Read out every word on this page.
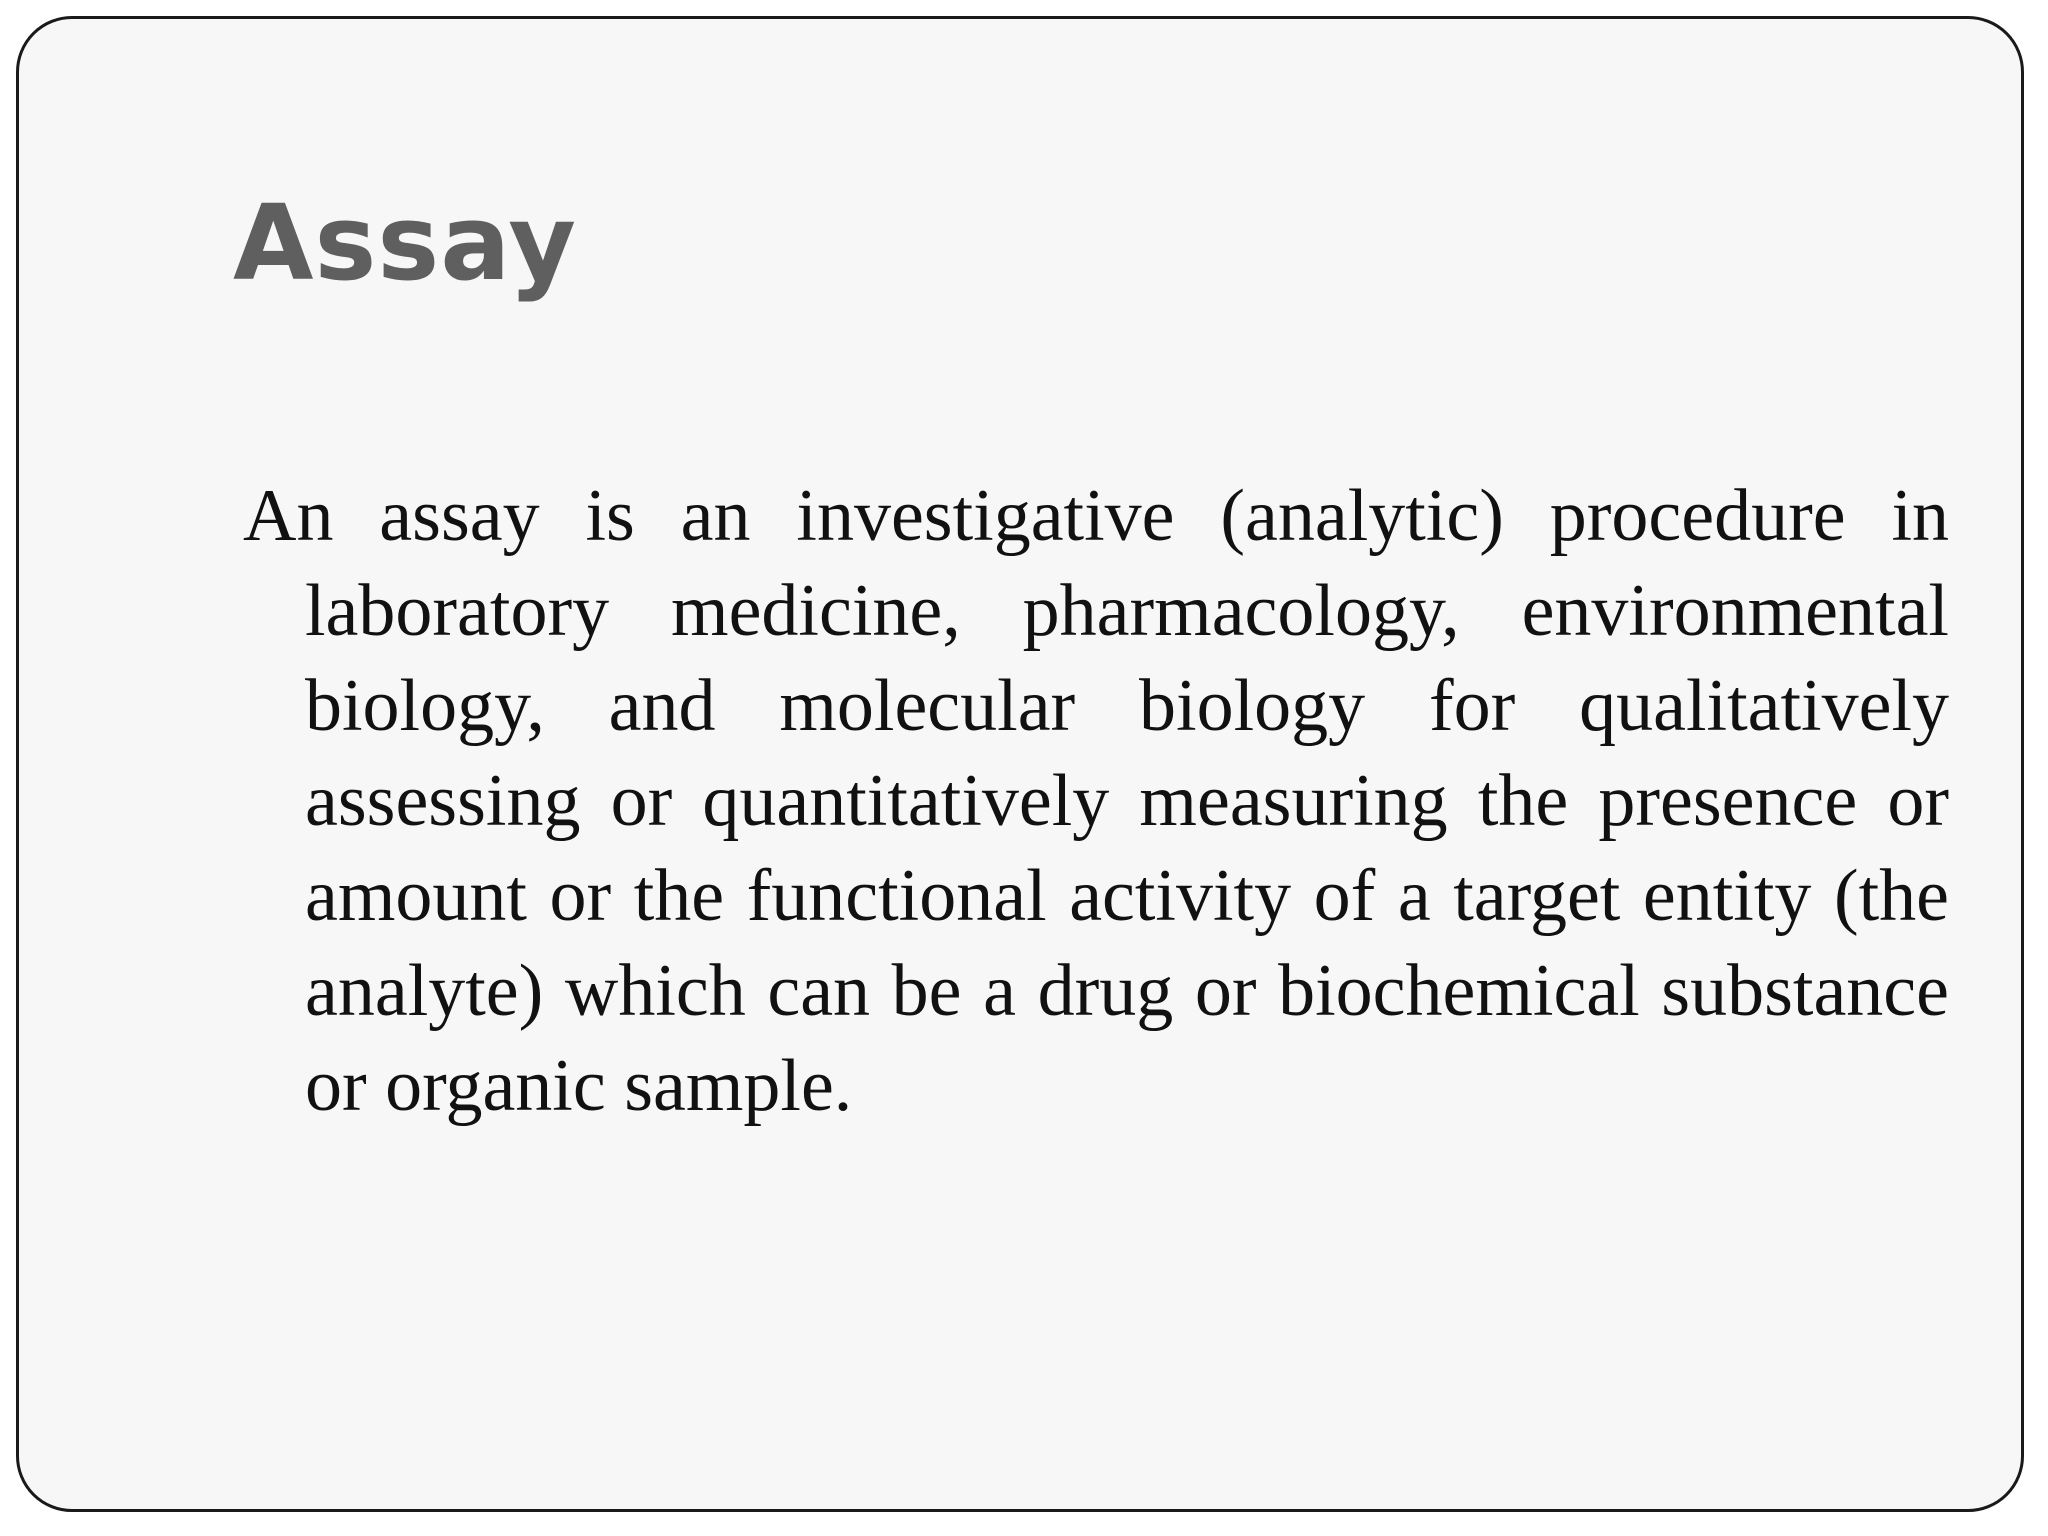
Assay

An assay is an investigative (analytic) procedure in laboratory medicine, pharmacology, environmental biology, and molecular biology for qualitatively assessing or quantitatively measuring the presence or amount or the functional activity of a target entity (the analyte) which can be a drug or biochemical substance or organic sample.
